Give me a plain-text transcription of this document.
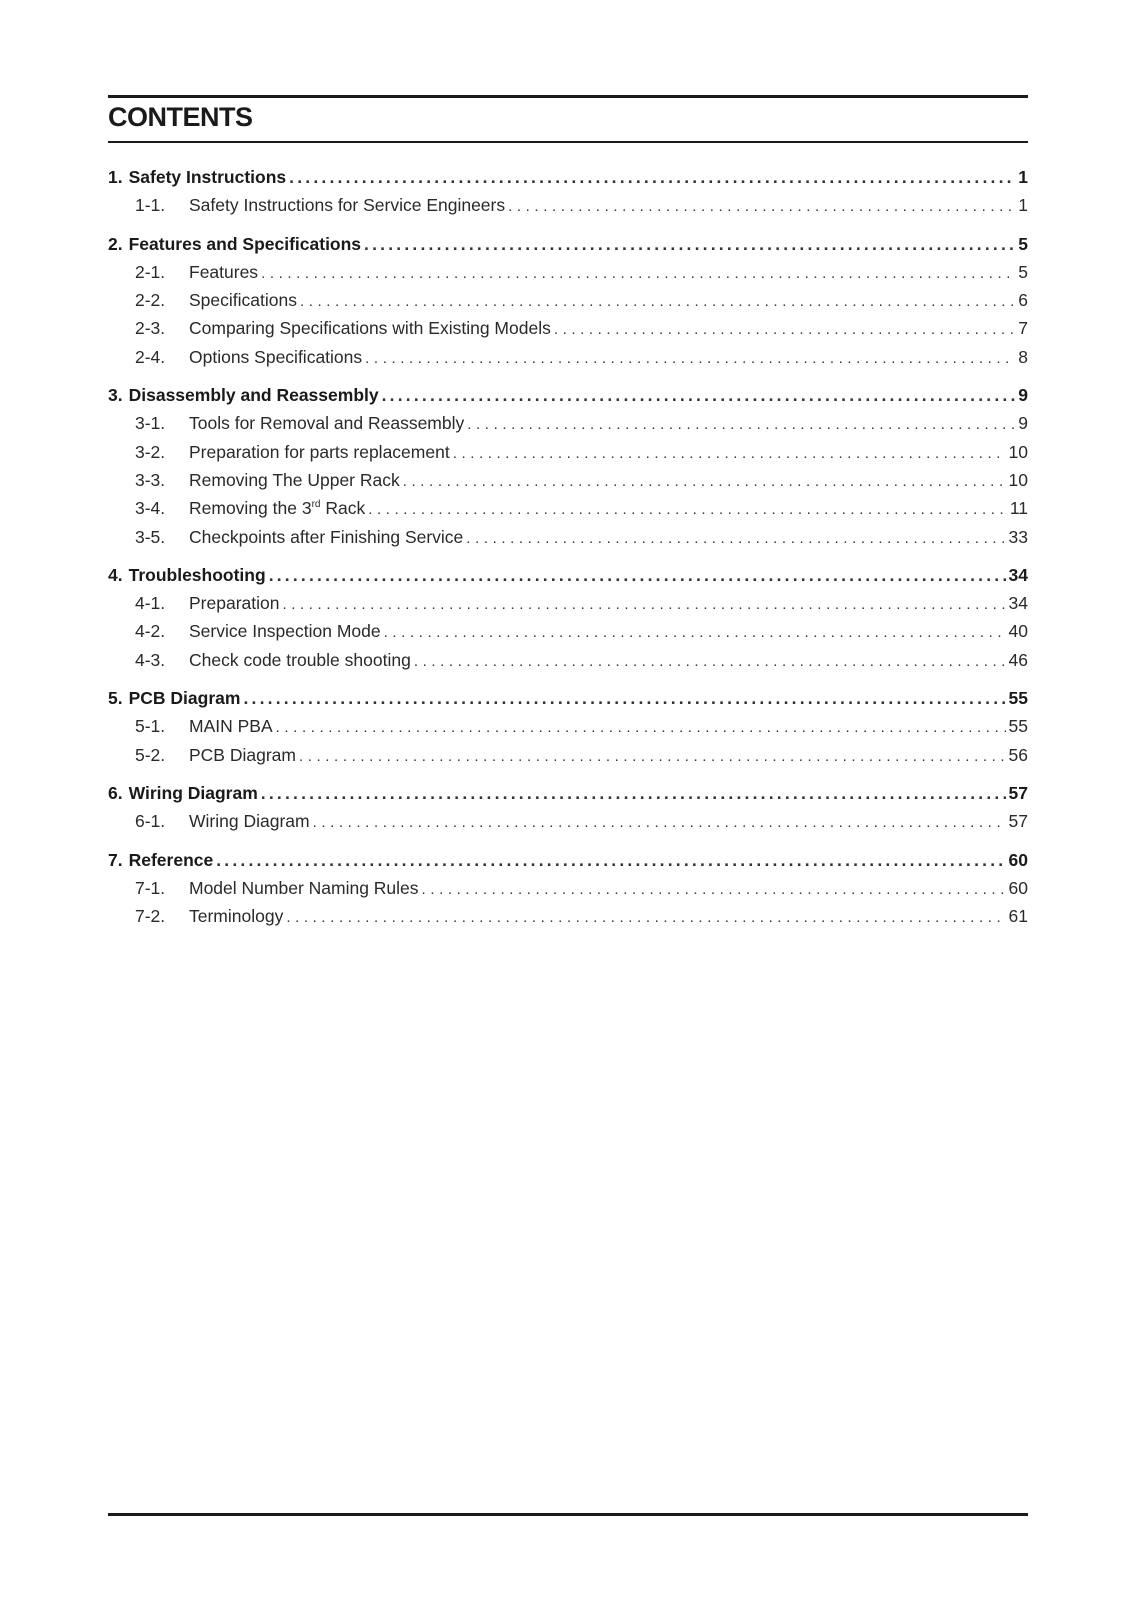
CONTENTS
1. Safety Instructions .....	1
1-1.	Safety Instructions for Service Engineers .....	1
2. Features and Specifications .....	5
2-1.	Features .....	5
2-2.	Specifications .....	6
2-3.	Comparing Specifications with Existing Models .....	7
2-4.	Options Specifications .....	8
3. Disassembly and Reassembly .....	9
3-1.	Tools for Removal and Reassembly .....	9
3-2.	Preparation for parts replacement .....	10
3-3.	Removing The Upper Rack .....	10
3-4.	Removing the 3rd Rack .....	11
3-5.	Checkpoints after Finishing Service .....	33
4. Troubleshooting .....	34
4-1.	Preparation .....	34
4-2.	Service Inspection Mode .....	40
4-3.	Check code trouble shooting .....	46
5. PCB Diagram .....	55
5-1.	MAIN PBA .....	55
5-2.	PCB Diagram .....	56
6. Wiring Diagram .....	57
6-1.	Wiring Diagram .....	57
7. Reference .....	60
7-1.	Model Number Naming Rules .....	60
7-2.	Terminology .....	61
